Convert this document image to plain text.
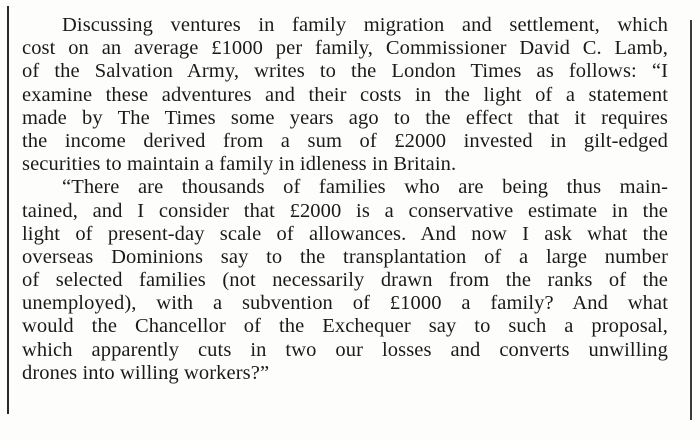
Discussing ventures in family migration and settlement, which
cost on an average £1000 per family, Commissioner David C. Lamb,
of the Salvation Army, writes to the London Times as follows: “I
examine these adventures and their costs in the light of a statement
made by The Times some years ago to the effect that it requires
the income derived from a sum of £2000 invested in gilt-edged
securities to maintain a family in idleness in Britain.
“There are thousands of families who are being thus main-
tained, and I consider that £2000 is a conservative estimate in the
light of present-day scale of allowances. And now I ask what the
overseas Dominions say to the transplantation of a large number
of selected families (not necessarily drawn from the ranks of the
unemployed), with a subvention of £1000 a family? And what
would the Chancellor of the Exchequer say to such a proposal,
which apparently cuts in two our losses and converts unwilling
drones into willing workers?”
